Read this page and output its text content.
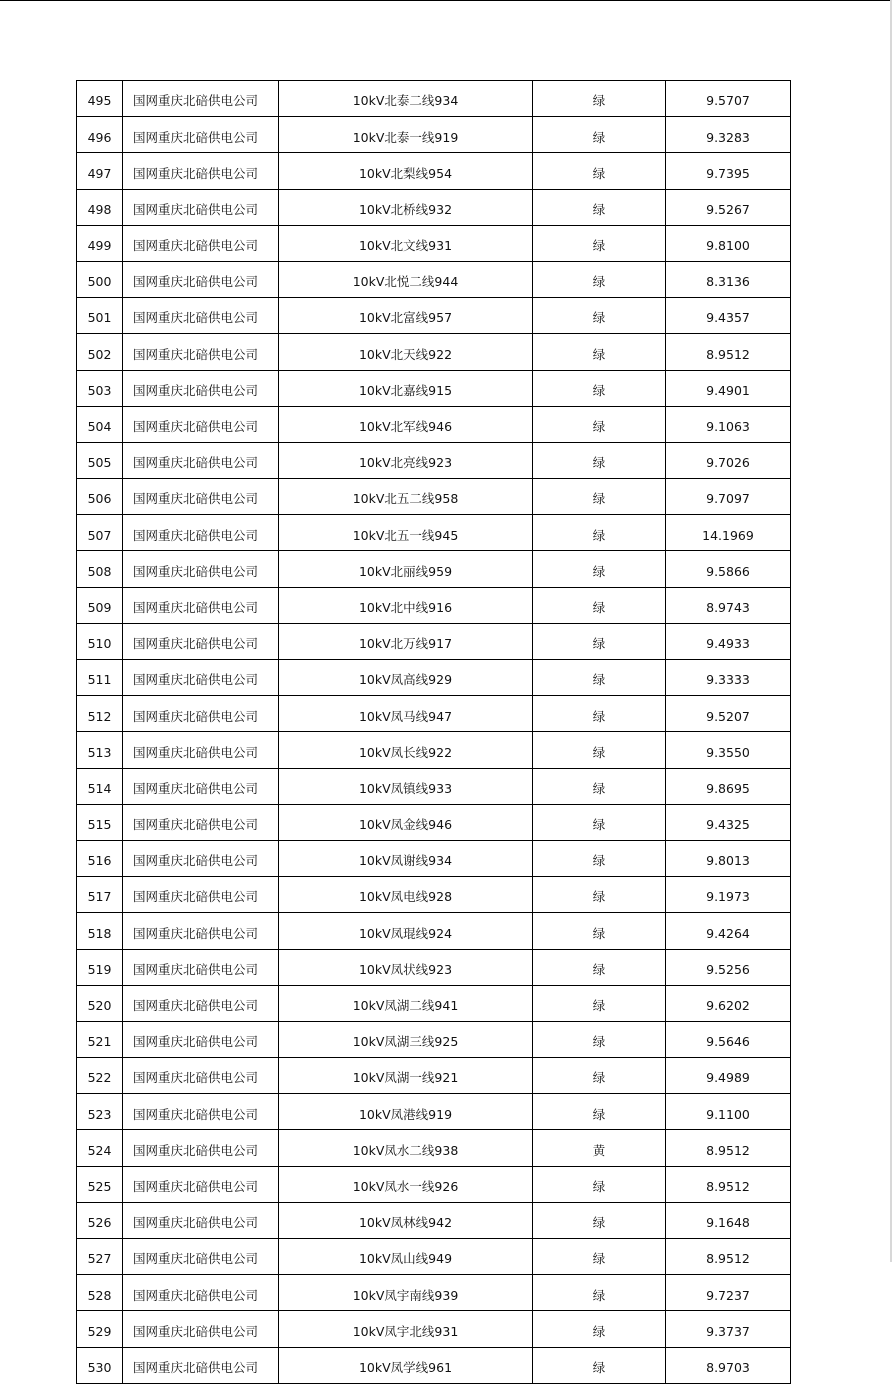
495	国网重庆北碚供电公司	10kV北泰二线934	绿	9.5707
496	国网重庆北碚供电公司	10kV北泰一线919	绿	9.3283
497	国网重庆北碚供电公司	10kV北梨线954	绿	9.7395
498	国网重庆北碚供电公司	10kV北桥线932	绿	9.5267
499	国网重庆北碚供电公司	10kV北文线931	绿	9.8100
500	国网重庆北碚供电公司	10kV北悦二线944	绿	8.3136
501	国网重庆北碚供电公司	10kV北富线957	绿	9.4357
502	国网重庆北碚供电公司	10kV北天线922	绿	8.9512
503	国网重庆北碚供电公司	10kV北嘉线915	绿	9.4901
504	国网重庆北碚供电公司	10kV北军线946	绿	9.1063
505	国网重庆北碚供电公司	10kV北亮线923	绿	9.7026
506	国网重庆北碚供电公司	10kV北五二线958	绿	9.7097
507	国网重庆北碚供电公司	10kV北五一线945	绿	14.1969
508	国网重庆北碚供电公司	10kV北丽线959	绿	9.5866
509	国网重庆北碚供电公司	10kV北中线916	绿	8.9743
510	国网重庆北碚供电公司	10kV北万线917	绿	9.4933
511	国网重庆北碚供电公司	10kV凤高线929	绿	9.3333
512	国网重庆北碚供电公司	10kV凤马线947	绿	9.5207
513	国网重庆北碚供电公司	10kV凤长线922	绿	9.3550
514	国网重庆北碚供电公司	10kV凤镇线933	绿	9.8695
515	国网重庆北碚供电公司	10kV凤金线946	绿	9.4325
516	国网重庆北碚供电公司	10kV凤谢线934	绿	9.8013
517	国网重庆北碚供电公司	10kV凤电线928	绿	9.1973
518	国网重庆北碚供电公司	10kV凤琨线924	绿	9.4264
519	国网重庆北碚供电公司	10kV凤状线923	绿	9.5256
520	国网重庆北碚供电公司	10kV凤湖二线941	绿	9.6202
521	国网重庆北碚供电公司	10kV凤湖三线925	绿	9.5646
522	国网重庆北碚供电公司	10kV凤湖一线921	绿	9.4989
523	国网重庆北碚供电公司	10kV凤港线919	绿	9.1100
524	国网重庆北碚供电公司	10kV凤水二线938	黄	8.9512
525	国网重庆北碚供电公司	10kV凤水一线926	绿	8.9512
526	国网重庆北碚供电公司	10kV凤林线942	绿	9.1648
527	国网重庆北碚供电公司	10kV凤山线949	绿	8.9512
528	国网重庆北碚供电公司	10kV凤宇南线939	绿	9.7237
529	国网重庆北碚供电公司	10kV凤宇北线931	绿	9.3737
530	国网重庆北碚供电公司	10kV凤学线961	绿	8.9703
